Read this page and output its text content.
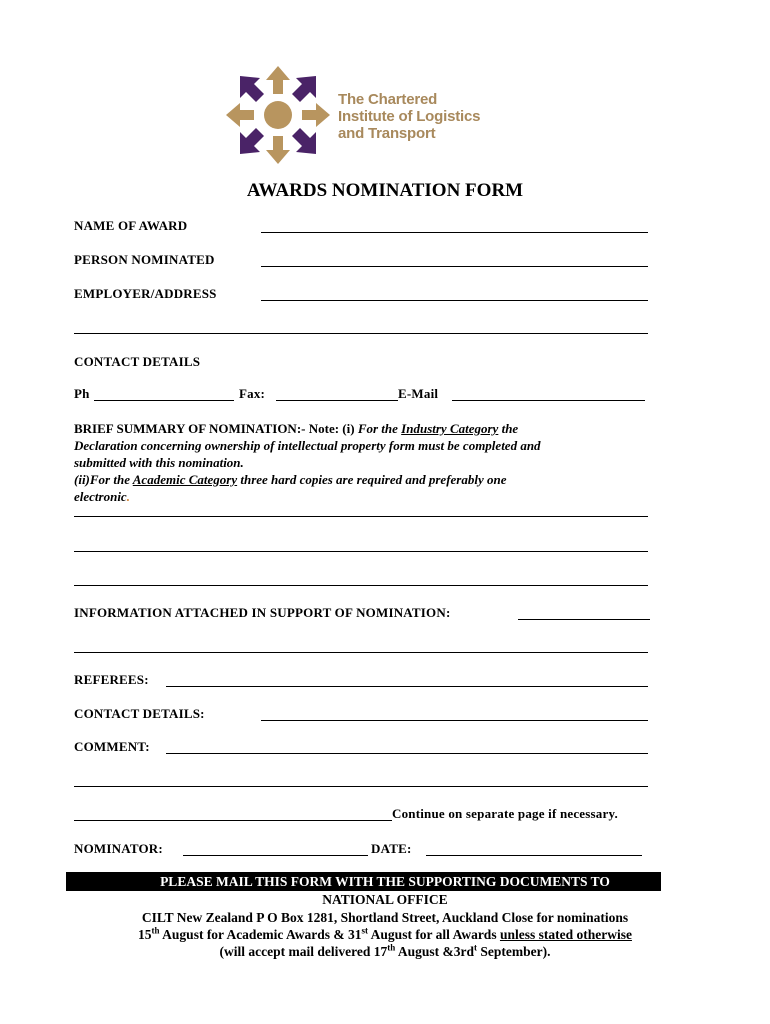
The Chartered
Institute of Logistics
and Transport
AWARDS NOMINATION FORM
NAME OF AWARD
PERSON NOMINATED
EMPLOYER/ADDRESS
CONTACT DETAILS
Ph	Fax:	E-Mail
BRIEF SUMMARY OF NOMINATION:- Note: (i) For the Industry Category the
Declaration concerning ownership of intellectual property form must be completed and
submitted with this nomination.
(ii)For the Academic Category three hard copies are required and preferably one
electronic.
INFORMATION ATTACHED IN SUPPORT OF NOMINATION:
REFEREES:
CONTACT DETAILS:
COMMENT:
Continue on separate page if necessary.
NOMINATOR:	DATE:
PLEASE MAIL THIS FORM WITH THE SUPPORTING DOCUMENTS TO
NATIONAL OFFICE
CILT New Zealand P O Box 1281, Shortland Street, Auckland Close for nominations
15th August for Academic Awards & 31st August for all Awards unless stated otherwise
(will accept mail delivered 17th August $\&3rd^t$ September).
